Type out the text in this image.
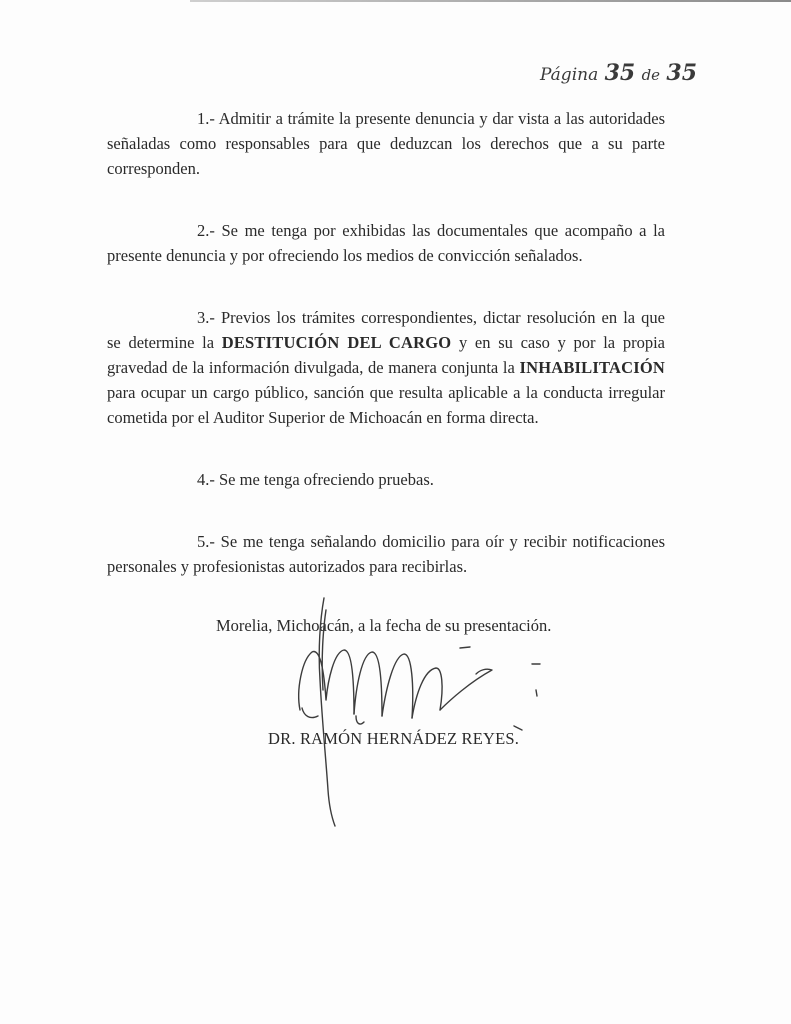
Página 35 de 35

1.- Admitir a trámite la presente denuncia y dar vista a las autoridades señaladas como responsables para que deduzcan los derechos que a su parte corresponden.

2.- Se me tenga por exhibidas las documentales que acompaño a la presente denuncia y por ofreciendo los medios de convicción señalados.

3.- Previos los trámites correspondientes, dictar resolución en la que se determine la DESTITUCIÓN DEL CARGO y en su caso y por la propia gravedad de la información divulgada, de manera conjunta la INHABILITACIÓN para ocupar un cargo público, sanción que resulta aplicable a la conducta irregular cometida por el Auditor Superior de Michoacán en forma directa.

4.- Se me tenga ofreciendo pruebas.

5.- Se me tenga señalando domicilio para oír y recibir notificaciones personales y profesionistas autorizados para recibirlas.

Morelia, Michoacán, a la fecha de su presentación.
DR. RAMÓN HERNÁDEZ REYES.
